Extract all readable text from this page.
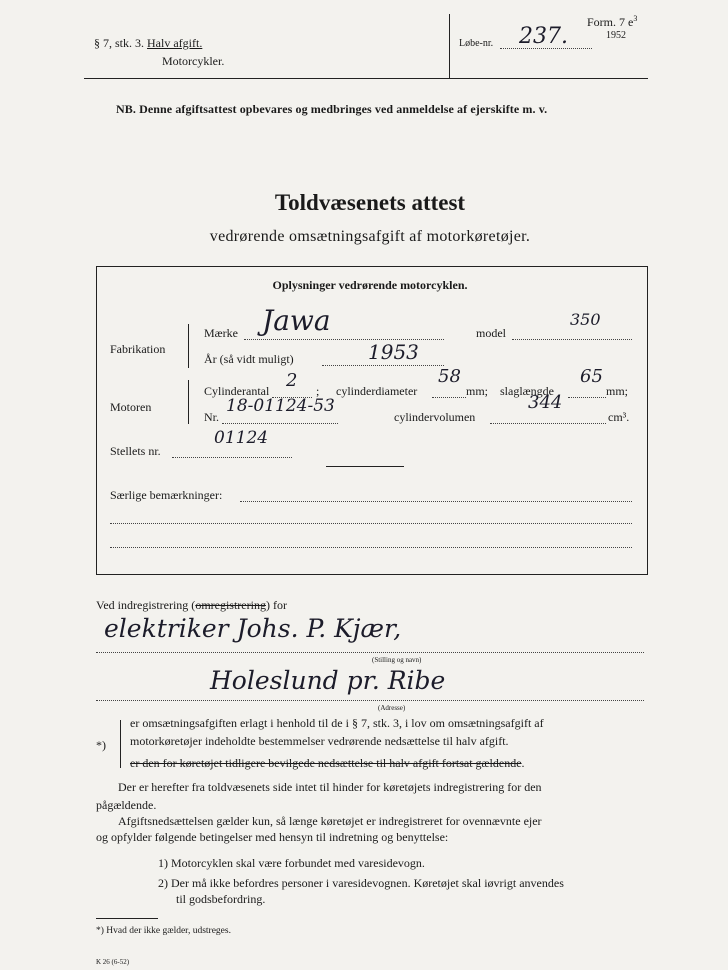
§ 7, stk. 3. Halv afgift.
Motorcykler.
Form. 7 $e^3$
1952
Løbe‑nr. 237.
NB. Denne afgiftsattest opbevares og medbringes ved anmeldelse af ejerskifte m. v.
Toldvæsenets attest
vedrørende omsætningsafgift af motorkøretøjer.
Oplysninger vedrørende motorcyklen.
Fabrikation
Mærke Jawa	model
350
År (så vidt muligt)	1953
Motoren
Cylinderantal 2 ; cylinderdiameter
58
mm; slaglængde
65
mm;
Nr.
18-01124-53
cylindervolumen
344
cm³.
Stellets nr.
01124
Særlige bemærkninger:
Ved indregistrering (omregistrering) for
elektriker Johs. P. Kjær,
(Stilling og navn)
Holeslund pr. Ribe
(Adresse)
*)
er omsætningsafgiften erlagt i henhold til de i § 7, stk. 3, i lov om omsætningsafgift af
motorkøretøjer indeholdte bestemmelser vedrørende nedsættelse til halv afgift.
er den for køretøjet tidligere bevilgede nedsættelse til halv afgift fortsat gældende.
Der er herefter fra toldvæsenets side intet til hinder for køretøjets indregistrering for den
pågældende.
Afgiftsnedsættelsen gælder kun, så længe køretøjet er indregistreret for ovennævnte ejer
og opfylder følgende betingelser med hensyn til indretning og benyttelse:
1) Motorcyklen skal være forbundet med varesidevogn.
2) Der må ikke befordres personer i varesidevognen. Køretøjet skal iøvrigt anvendes
til godsbefordring.
*) Hvad der ikke gælder, udstreges.
K 26 (6-52)
